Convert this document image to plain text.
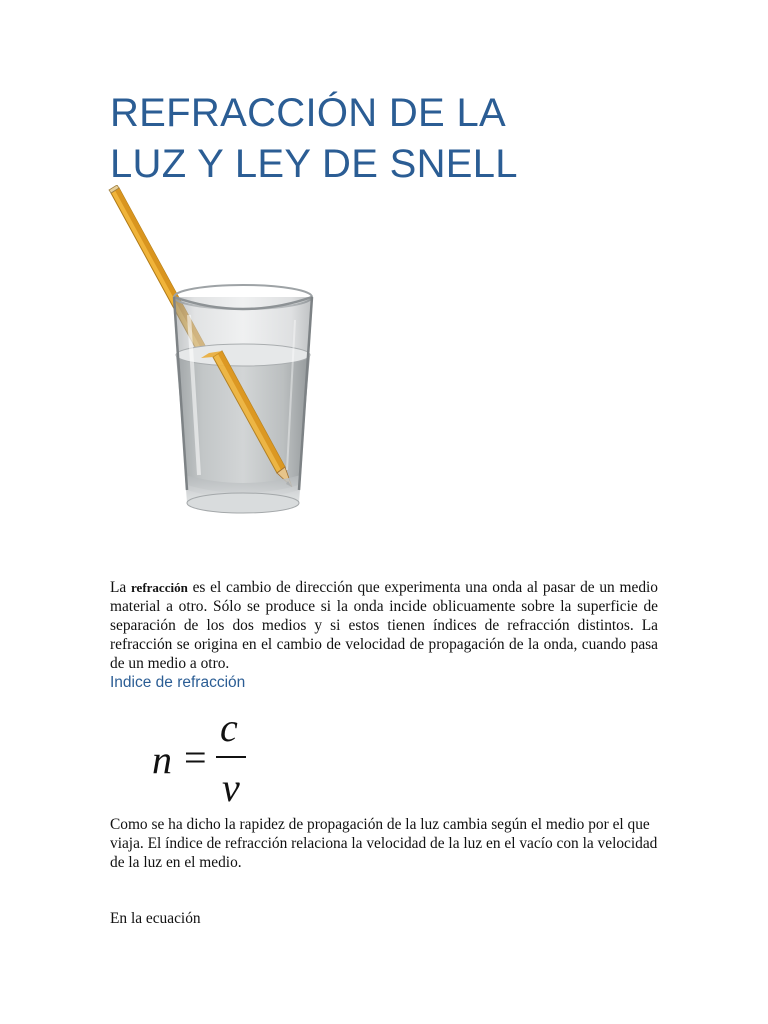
REFRACCIÓN DE LA
LUZ Y LEY DE SNELL

La refracción es el cambio de dirección que experimenta una onda al pasar de un medio material a otro. Sólo se produce si la onda incide oblicuamente sobre la superficie de separación de los dos medios y si estos tienen índices de refracción distintos. La refracción se origina en el cambio de velocidad de propagación de la onda, cuando pasa de un medio a otro.

Indice de refracción

n =
c
v

Como se ha dicho la rapidez de propagación de la luz cambia según el medio por el que viaja. El índice de refracción relaciona la velocidad de la luz en el vacío con la velocidad de la luz en el medio.

En la ecuación
